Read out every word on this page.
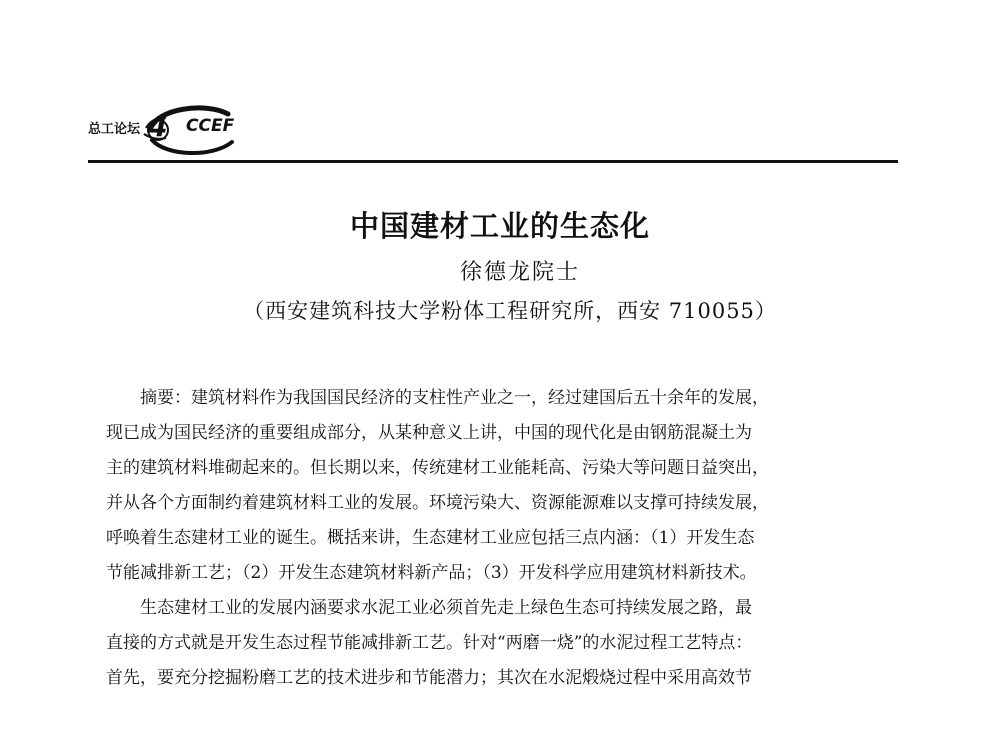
总工论坛	CCEF
4
中国建材工业的生态化
徐德龙院士
（西安建筑科技大学粉体工程研究所，西安 710055）

摘要：建筑材料作为我国国民经济的支柱性产业之一，经过建国后五十余年的发展，
现已成为国民经济的重要组成部分，从某种意义上讲，中国的现代化是由钢筋混凝土为
主的建筑材料堆砌起来的。但长期以来，传统建材工业能耗高、污染大等问题日益突出，
并从各个方面制约着建筑材料工业的发展。环境污染大、资源能源难以支撑可持续发展，
呼唤着生态建材工业的诞生。概括来讲，生态建材工业应包括三点内涵：（1）开发生态
节能减排新工艺；（2）开发生态建筑材料新产品；（3）开发科学应用建筑材料新技术。

生态建材工业的发展内涵要求水泥工业必须首先走上绿色生态可持续发展之路，最
直接的方式就是开发生态过程节能减排新工艺。针对“两磨一烧”的水泥过程工艺特点：
首先，要充分挖掘粉磨工艺的技术进步和节能潜力；其次在水泥煅烧过程中采用高效节
